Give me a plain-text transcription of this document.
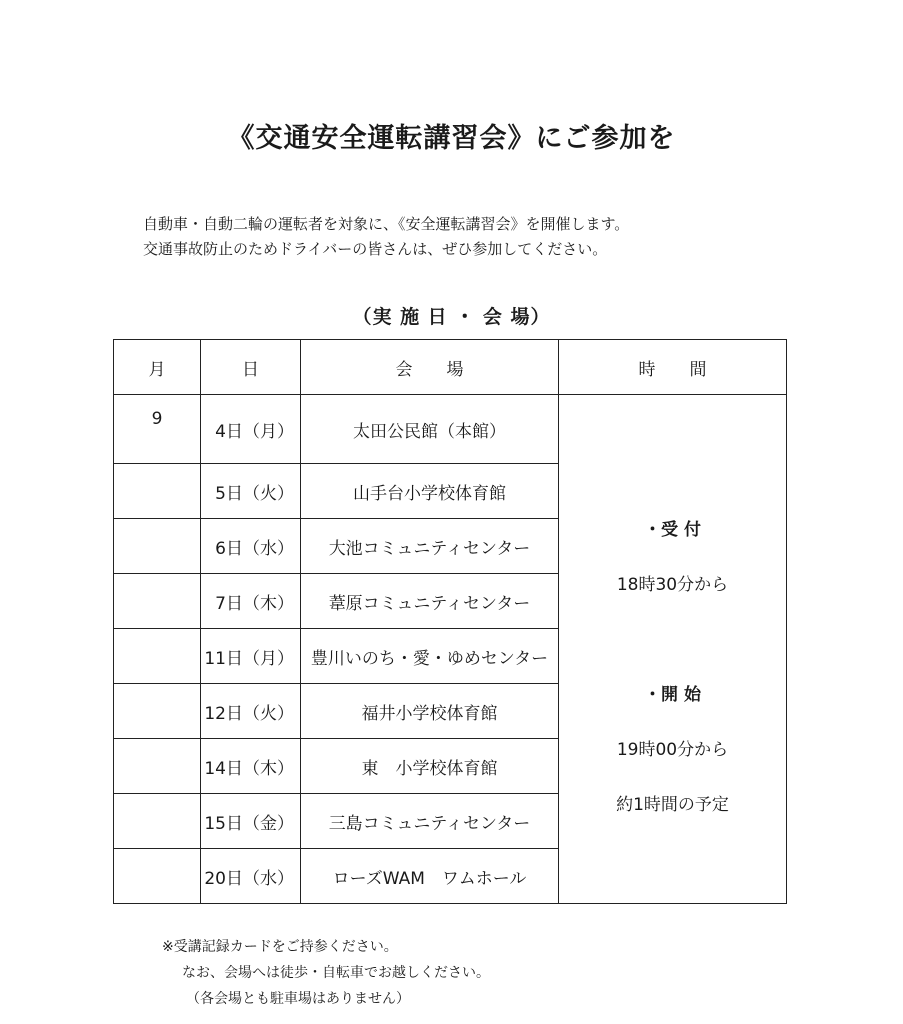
《交通安全運転講習会》にご参加を
自動車・自動二輪の運転者を対象に、《安全運転講習会》を開催します。
交通事故防止のためドライバーの皆さんは、ぜひ参加してください。
（実 施 日 ・ 会 場）
月	日	会　　場	時　　間
9	4日（月）	太田公民館（本館）	・受 付
18時30分から
・開 始
19時00分から
約1時間の予定

	5日（火）	山手台小学校体育館	
	6日（水）	大池コミュニティセンター	
	7日（木）	葦原コミュニティセンター	
	11日（月）	豊川いのち・愛・ゆめセンター	
	12日（火）	福井小学校体育館	
	14日（木）	東　小学校体育館	
	15日（金）	三島コミュニティセンター	
	20日（水）	ローズWAM　ワムホール	
※受講記録カードをご持参ください。
なお、会場へは徒歩・自転車でお越しください。
（各会場とも駐車場はありません）
